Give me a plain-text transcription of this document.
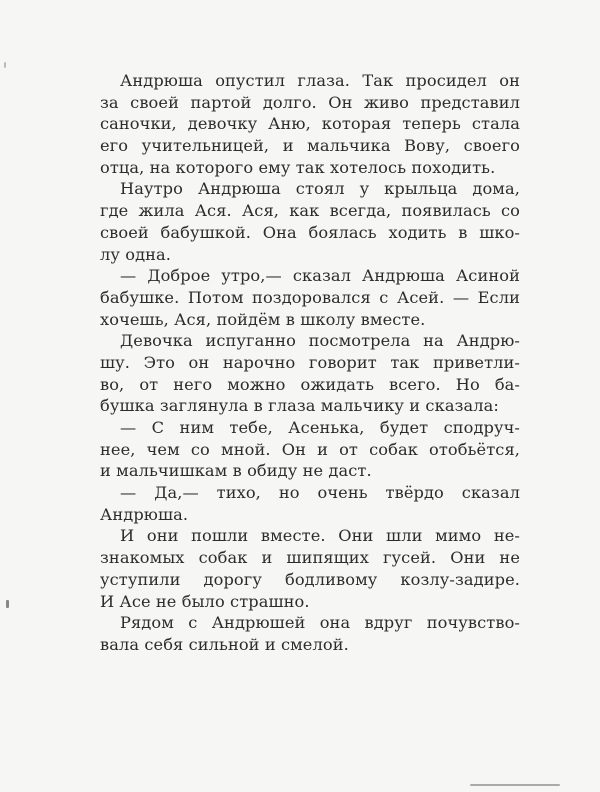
Андрюша опустил глаза. Так просидел он
за своей партой долго. Он живо представил
саночки, девочку Аню, которая теперь стала
его учительницей, и мальчика Вову, своего
отца, на которого ему так хотелось походить.
Наутро Андрюша стоял у крыльца дома,
где жила Ася. Ася, как всегда, появилась со
своей бабушкой. Она боялась ходить в шко-
лу одна.
— Доброе утро,— сказал Андрюша Асиной
бабушке. Потом поздоровался с Асей. — Если
хочешь, Ася, пойдём в школу вместе.
Девочка испуганно посмотрела на Андрю-
шу. Это он нарочно говорит так приветли-
во, от него можно ожидать всего. Но ба-
бушка заглянула в глаза мальчику и сказала:
— С ним тебе, Асенька, будет сподруч-
нее, чем со мной. Он и от собак отобьётся,
и мальчишкам в обиду не даст.
— Да,— тихо, но очень твёрдо сказал
Андрюша.
И они пошли вместе. Они шли мимо не-
знакомых собак и шипящих гусей. Они не
уступили дорогу бодливому козлу-задире.
И Асе не было страшно.
Рядом с Андрюшей она вдруг почувство-
вала себя сильной и смелой.
